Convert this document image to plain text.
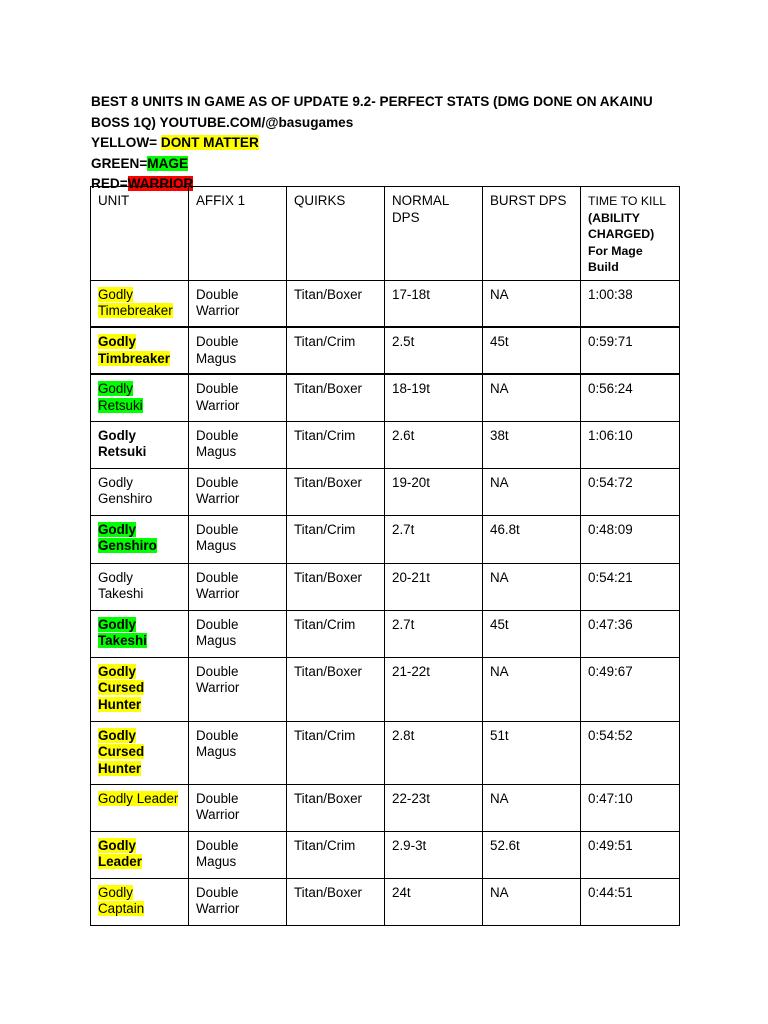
BEST 8 UNITS IN GAME AS OF UPDATE 9.2- PERFECT STATS (DMG DONE ON AKAINU
BOSS 1Q) YOUTUBE.COM/@basugames
YELLOW= DONT MATTER
GREEN=MAGE
RED=WARRIOR
UNIT	AFFIX 1	QUIRKS	NORMAL DPS	BURST DPS	TIME TO KILL
(ABILITY CHARGED)
For Mage Build

Godly Timebreaker	Double Warrior	Titan/Boxer	17-18t	NA	1:00:38
Godly Timbreaker	Double Magus	Titan/Crim	2.5t	45t	0:59:71
Godly Retsuki	Double Warrior	Titan/Boxer	18-19t	NA	0:56:24
Godly Retsuki	Double Magus	Titan/Crim	2.6t	38t	1:06:10
Godly Genshiro	Double Warrior	Titan/Boxer	19-20t	NA	0:54:72
Godly Genshiro	Double Magus	Titan/Crim	2.7t	46.8t	0:48:09
Godly Takeshi	Double Warrior	Titan/Boxer	20-21t	NA	0:54:21
Godly Takeshi	Double Magus	Titan/Crim	2.7t	45t	0:47:36
Godly Cursed Hunter	Double Warrior	Titan/Boxer	21-22t	NA	0:49:67
Godly Cursed Hunter	Double Magus	Titan/Crim	2.8t	51t	0:54:52
Godly Leader	Double Warrior	Titan/Boxer	22-23t	NA	0:47:10
Godly Leader	Double Magus	Titan/Crim	2.9-3t	52.6t	0:49:51
Godly Captain	Double Warrior	Titan/Boxer	24t	NA	0:44:51
